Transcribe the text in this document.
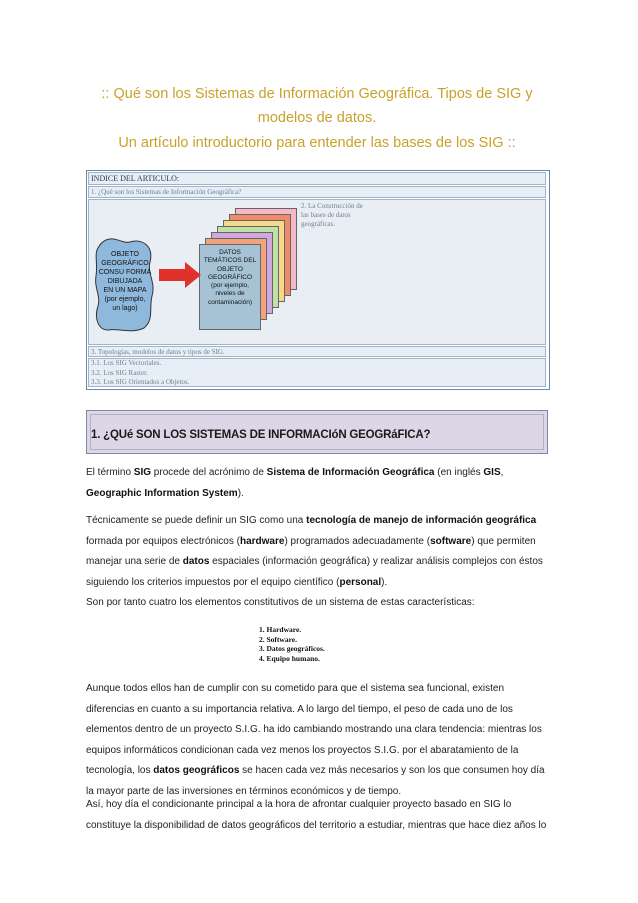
:: Qué son los Sistemas de Información Geográfica. Tipos de SIG y
modelos de datos.
Un artículo introductorio para entender las bases de los SIG ::
INDICE DEL ARTICULO:
1. ¿Qué son los Sistemas de Información Geográfica?
DATOS
TEMÁTICOS DEL
OBJETO
GEOGRÁFICO
(por ejemplo,
niveles de
contaminación)
OBJETO
GEOGRÁFICO
CONSU FORMA
DIBUJADA
EN UN MAPA
(por ejemplo,
un lago)
2. La Construcción de las bases de datos geográficas.
3. Topologías, modelos de datos y tipos de SIG.
3.1. Los SIG Vectoriales.
3.2. Los SIG Raster.
3.3. Los SIG Orientados a Objetos.
1. ¿QUé SON LOS SISTEMAS DE INFORMACIóN GEOGRáFICA?
El término SIG procede del acrónimo de Sistema de Información Geográfica (en inglés GIS,
Geographic Information System).
Técnicamente se puede definir un SIG como una tecnología de manejo de información geográfica formada por equipos electrónicos (hardware) programados adecuadamente (software) que permiten manejar una serie de datos espaciales (información geográfica) y realizar análisis complejos con éstos siguiendo los criterios impuestos por el equipo científico (personal).
Son por tanto cuatro los elementos constitutivos de un sistema de estas características:
1. Hardware.
2. Software.
3. Datos geográficos.
4. Equipo humano.
Aunque todos ellos han de cumplir con su cometido para que el sistema sea funcional, existen diferencias en cuanto a su importancia relativa. A lo largo del tiempo, el peso de cada uno de los elementos dentro de un proyecto S.I.G. ha ido cambiando mostrando una clara tendencia: mientras los equipos informáticos condicionan cada vez menos los proyectos S.I.G. por el abaratamiento de la tecnología, los datos geográficos se hacen cada vez más necesarios y son los que consumen hoy día la mayor parte de las inversiones en términos económicos y de tiempo.
Así, hoy día el condicionante principal a la hora de afrontar cualquier proyecto basado en SIG lo constituye la disponibilidad de datos geográficos del territorio a estudiar, mientras que hace diez años lo
